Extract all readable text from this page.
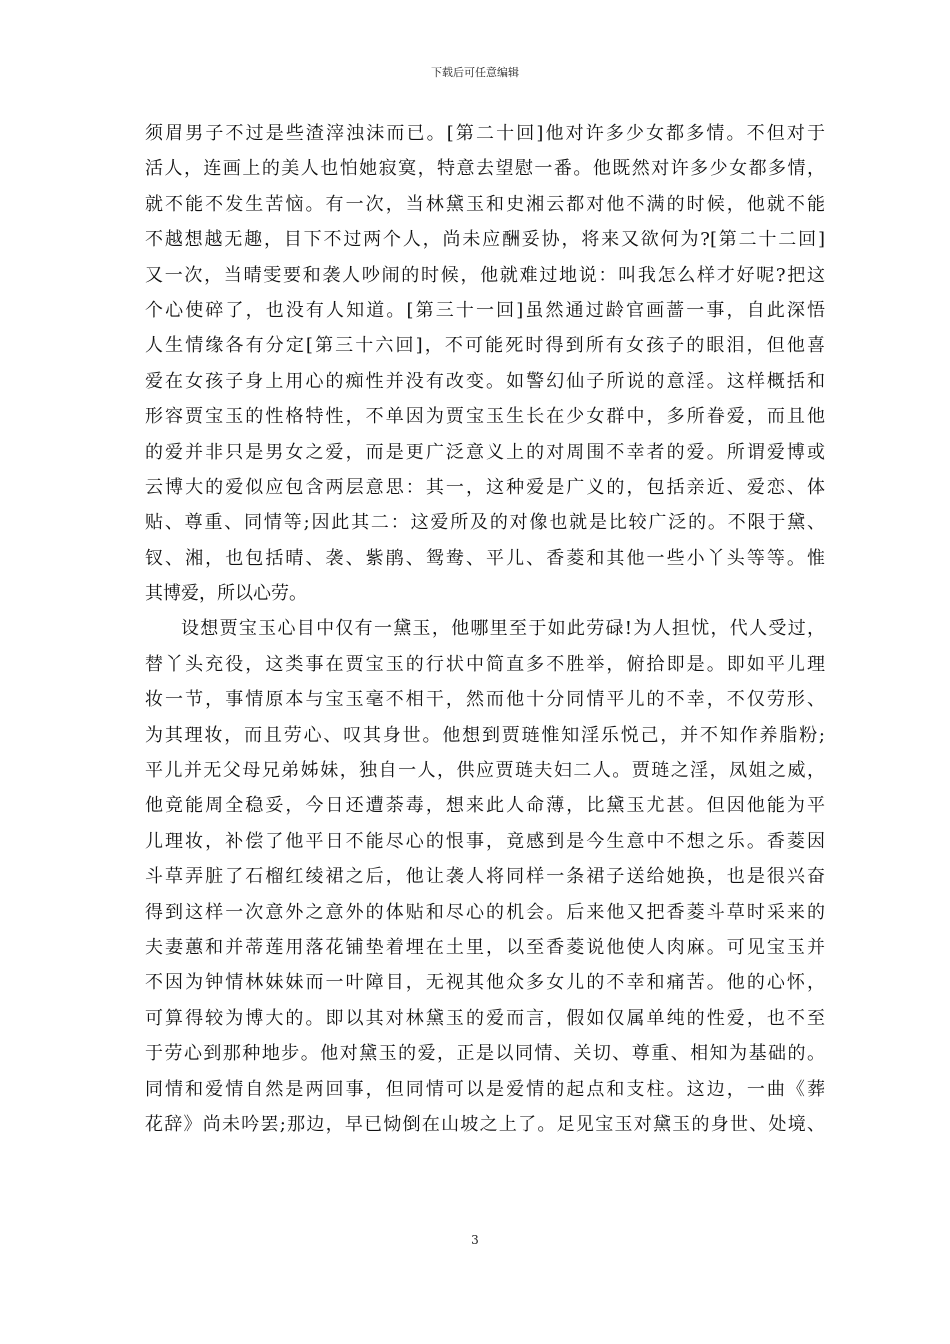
下载后可任意编辑
须眉男子不过是些渣滓浊沫而已。[第二十回]他对许多少女都多情。不但对于
活人，连画上的美人也怕她寂寞，特意去望慰一番。他既然对许多少女都多情，
就不能不发生苦恼。有一次，当林黛玉和史湘云都对他不满的时候，他就不能
不越想越无趣，目下不过两个人，尚未应酬妥协，将来又欲何为?[第二十二回]
又一次，当晴雯要和袭人吵闹的时候，他就难过地说：叫我怎么样才好呢?把这
个心使碎了，也没有人知道。[第三十一回]虽然通过龄官画蔷一事，自此深悟
人生情缘各有分定[第三十六回]，不可能死时得到所有女孩子的眼泪，但他喜
爱在女孩子身上用心的痴性并没有改变。如警幻仙子所说的意淫。这样概括和
形容贾宝玉的性格特性，不单因为贾宝玉生长在少女群中，多所眷爱，而且他
的爱并非只是男女之爱，而是更广泛意义上的对周围不幸者的爱。所谓爱博或
云博大的爱似应包含两层意思：其一，这种爱是广义的，包括亲近、爱恋、体
贴、尊重、同情等;因此其二：这爱所及的对像也就是比较广泛的。不限于黛、
钗、湘，也包括晴、袭、紫鹃、鸳鸯、平儿、香菱和其他一些小丫头等等。惟
其博爱，所以心劳。
设想贾宝玉心目中仅有一黛玉，他哪里至于如此劳碌!为人担忧，代人受过，
替丫头充役，这类事在贾宝玉的行状中简直多不胜举，俯拾即是。即如平儿理
妆一节，事情原本与宝玉毫不相干，然而他十分同情平儿的不幸，不仅劳形、
为其理妆，而且劳心、叹其身世。他想到贾琏惟知淫乐悦己，并不知作养脂粉;
平儿并无父母兄弟姊妹，独自一人，供应贾琏夫妇二人。贾琏之淫，凤姐之威，
他竟能周全稳妥，今日还遭荼毒，想来此人命薄，比黛玉尤甚。但因他能为平
儿理妆，补偿了他平日不能尽心的恨事，竟感到是今生意中不想之乐。香菱因
斗草弄脏了石榴红绫裙之后，他让袭人将同样一条裙子送给她换，也是很兴奋
得到这样一次意外之意外的体贴和尽心的机会。后来他又把香菱斗草时采来的
夫妻蕙和并蒂莲用落花铺垫着埋在土里，以至香菱说他使人肉麻。可见宝玉并
不因为钟情林妹妹而一叶障目，无视其他众多女儿的不幸和痛苦。他的心怀，
可算得较为博大的。即以其对林黛玉的爱而言，假如仅属单纯的性爱，也不至
于劳心到那种地步。他对黛玉的爱，正是以同情、关切、尊重、相知为基础的。
同情和爱情自然是两回事，但同情可以是爱情的起点和支柱。这边，一曲《葬
花辞》尚未吟罢;那边，早已恸倒在山坡之上了。足见宝玉对黛玉的身世、处境、
3
